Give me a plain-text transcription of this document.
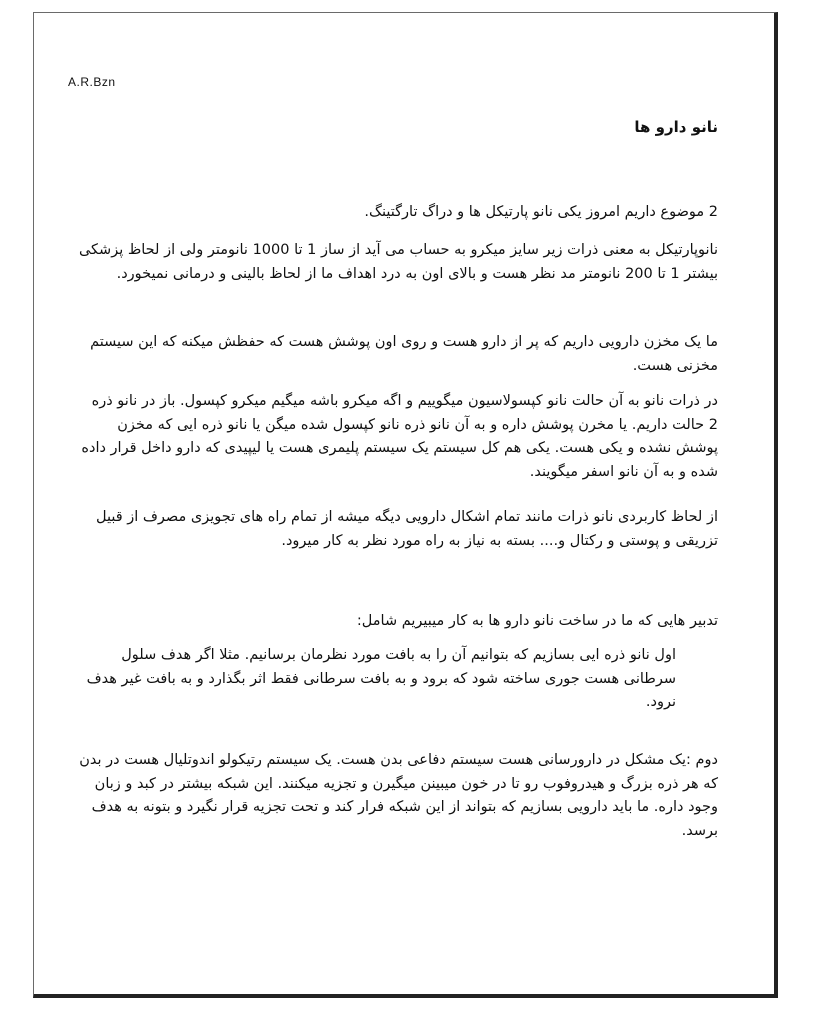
A.R.Bzn
نانو دارو ها
2 موضوع داریم امروز یکی نانو پارتیکل ها و دراگ تارگتینگ.
نانوپارتیکل به معنی ذرات زیر سایز میکرو به حساب می آید از ساز 1 تا 1000 نانومتر ولی از لحاظ پزشکی بیشتر 1 تا 200 نانومتر مد نظر هست و بالای اون به درد اهداف ما از لحاظ بالینی و درمانی نمیخورد.
ما یک مخزن دارویی داریم که پر از دارو هست و روی اون پوشش هست که حفظش میکنه که این سیستم مخزنی هست.
در ذرات نانو به آن حالت نانو کپسولاسیون میگوییم و اگه میکرو باشه میگیم میکرو کپسول. باز در نانو ذره 2 حالت داریم. یا مخرن پوشش داره و به آن نانو ذره نانو کپسول شده میگن یا نانو ذره ایی که مخزن پوشش نشده و یکی هست. یکی هم کل سیستم یک سیستم پلیمری هست یا لیپیدی که دارو داخل قرار داده شده و به آن نانو اسفر میگویند.
از لحاظ کاربردی نانو ذرات مانند تمام اشکال دارویی دیگه میشه از تمام راه های تجویزی مصرف از قبیل تزریقی و پوستی و رکتال و.... بسته به نیاز به راه مورد نظر به کار میرود.
تدبیر هایی که ما در ساخت نانو دارو ها به کار میبیریم شامل:
اول نانو ذره ایی بسازیم که بتوانیم آن را به بافت مورد نظرمان برسانیم. مثلا اگر هدف سلول سرطانی هست جوری ساخته شود که برود و به بافت سرطانی فقط اثر بگذارد و به بافت غیر هدف نرود.
دوم :یک مشکل در دارورسانی هست سیستم دفاعی بدن هست. یک سیستم رتیکولو اندوتلیال هست در بدن که هر ذره بزرگ و هیدروفوب رو تا در خون میبینن میگیرن و تجزیه میکنند. این شبکه بیشتر در کبد و زبان وجود داره. ما باید دارویی بسازیم که بتواند از این شبکه فرار کند و تحت تجزیه قرار نگیرد و بتونه به هدف برسد.
